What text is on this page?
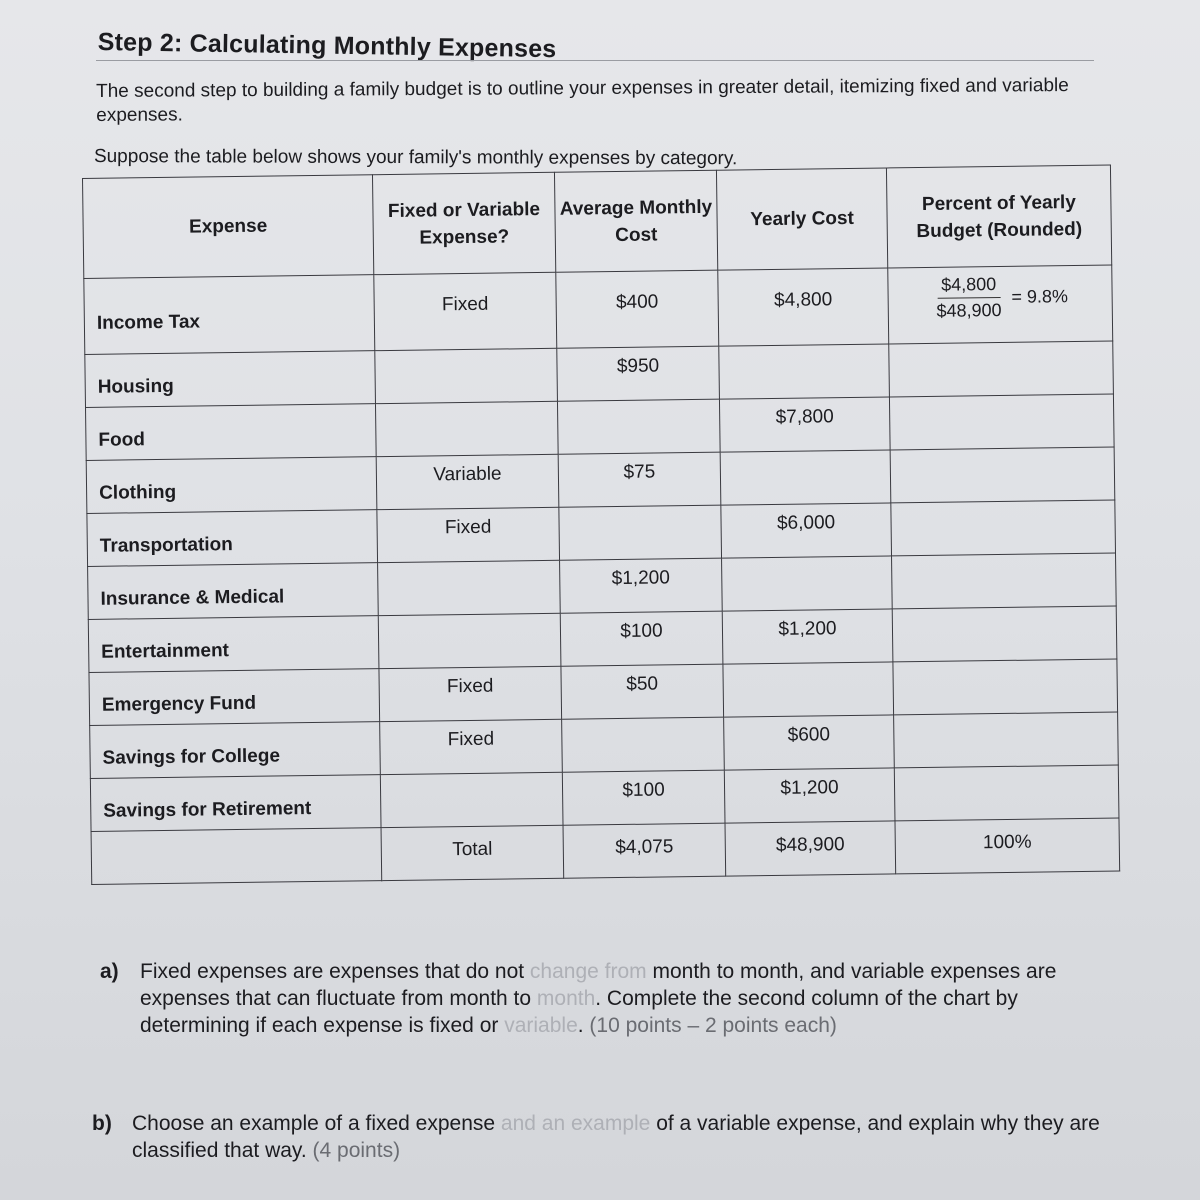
Step 2: Calculating Monthly Expenses
The second step to building a family budget is to outline your expenses in greater detail, itemizing fixed and variable expenses.
Suppose the table below shows your family's monthly expenses by category.
Expense	Fixed or Variable Expense?	Average Monthly Cost	Yearly Cost	Percent of Yearly Budget (Rounded)
Income Tax	Fixed	$400	$4,800	$\frac{\$4,800}{\$48,900} = 9.8\%$

Housing		$950		
Food			$7,800	
Clothing	Variable	$75		
Transportation	Fixed		$6,000	
Insurance & Medical		$1,200		
Entertainment		$100	$1,200	
Emergency Fund	Fixed	$50		
Savings for College	Fixed		$600	
Savings for Retirement		$100	$1,200	
	Total	$4,075	$48,900	100%
a) Fixed expenses are expenses that do not change from month to month, and variable expenses are expenses that can fluctuate from month to month. Complete the second column of the chart by determining if each expense is fixed or variable. (10 points – 2 points each)
b) Choose an example of a fixed expense and an example of a variable expense, and explain why they are classified that way. (4 points)
